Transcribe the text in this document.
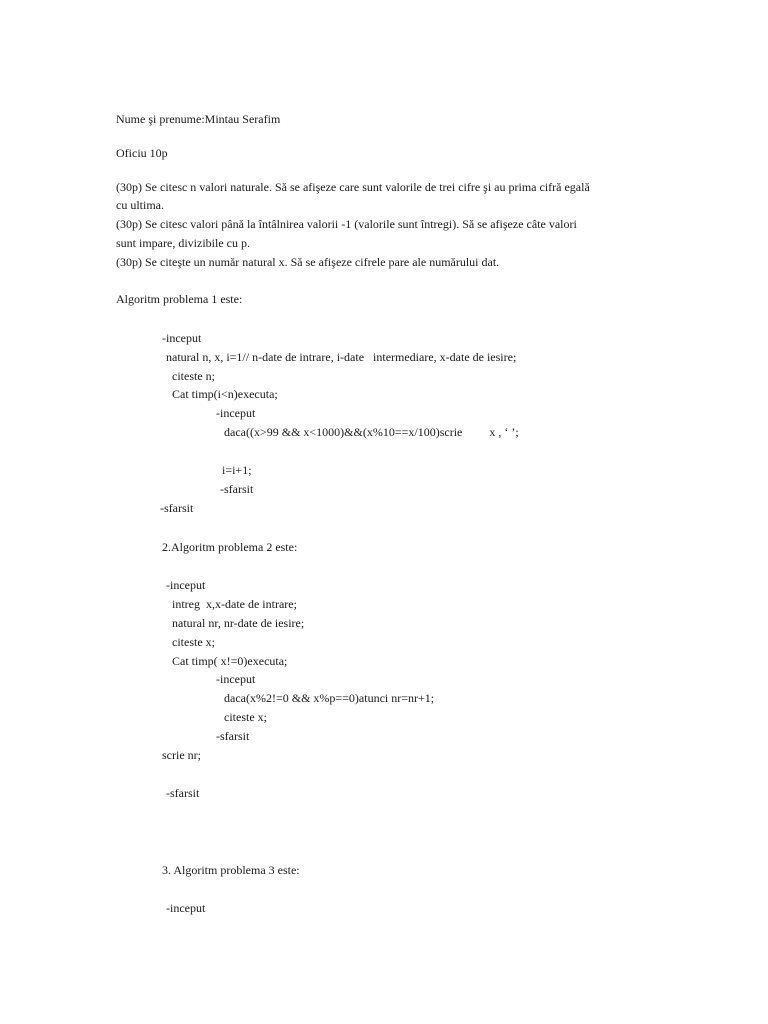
Nume şi prenume:Mintau Serafim
Oficiu 10p
(30p) Se citesc n valori naturale. Să se afişeze care sunt valorile de trei cifre şi au prima cifră egală
cu ultima.
(30p) Se citesc valori până la întâlnirea valorii -1 (valorile sunt întregi). Să se afişeze câte valori
sunt impare, divizibile cu p.
(30p) Se citeşte un număr natural x. Să se afişeze cifrele pare ale numărului dat.
Algoritm problema 1 este:
-inceput
natural n, x, i=1// n-date de intrare, i-date   intermediare, x-date de iesire;
citeste n;
Cat timp(i<n)executa;
-inceput
daca((x>99 && x<1000)&&(x%10==x/100)scrie         x , ‘ ’;
i=i+1;
-sfarsit
-sfarsit
2.Algoritm problema 2 este:
-inceput
intreg  x,x-date de intrare;
natural nr, nr-date de iesire;
citeste x;
Cat timp( x!=0)executa;
-inceput
daca(x%2!=0 && x%p==0)atunci nr=nr+1;
citeste x;
-sfarsit
scrie nr;
-sfarsit
3. Algoritm problema 3 este:
-inceput
